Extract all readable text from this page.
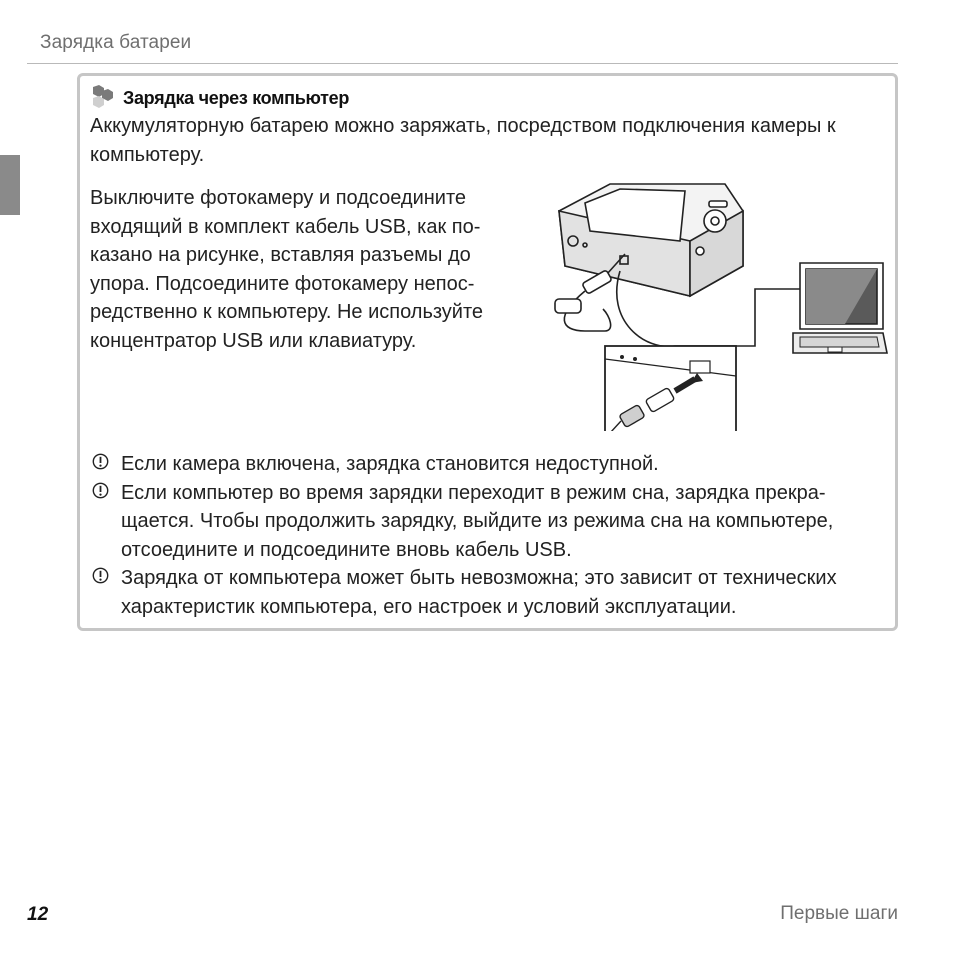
Зарядка батареи
Зарядка через компьютер
Аккумуляторную батарею можно заряжать, посредством подключения камеры к компьютеру.
Выключите фотокамеру и подсоедините входящий в комплект кабель USB, как по-казано на рисунке, вставляя разъемы до упора. Подсоедините фотокамеру непос-редственно к компьютеру. Не используйте концентратор USB или клавиатуру.
Если камера включена, зарядка становится недоступной.
Если компьютер во время зарядки переходит в режим сна, зарядка прекра-щается. Чтобы продолжить зарядку, выйдите из режима сна на компьютере, отсоедините и подсоедините вновь кабель USB.
Зарядка от компьютера может быть невозможна; это зависит от технических характеристик компьютера, его настроек и условий эксплуатации.
12	Первые шаги
